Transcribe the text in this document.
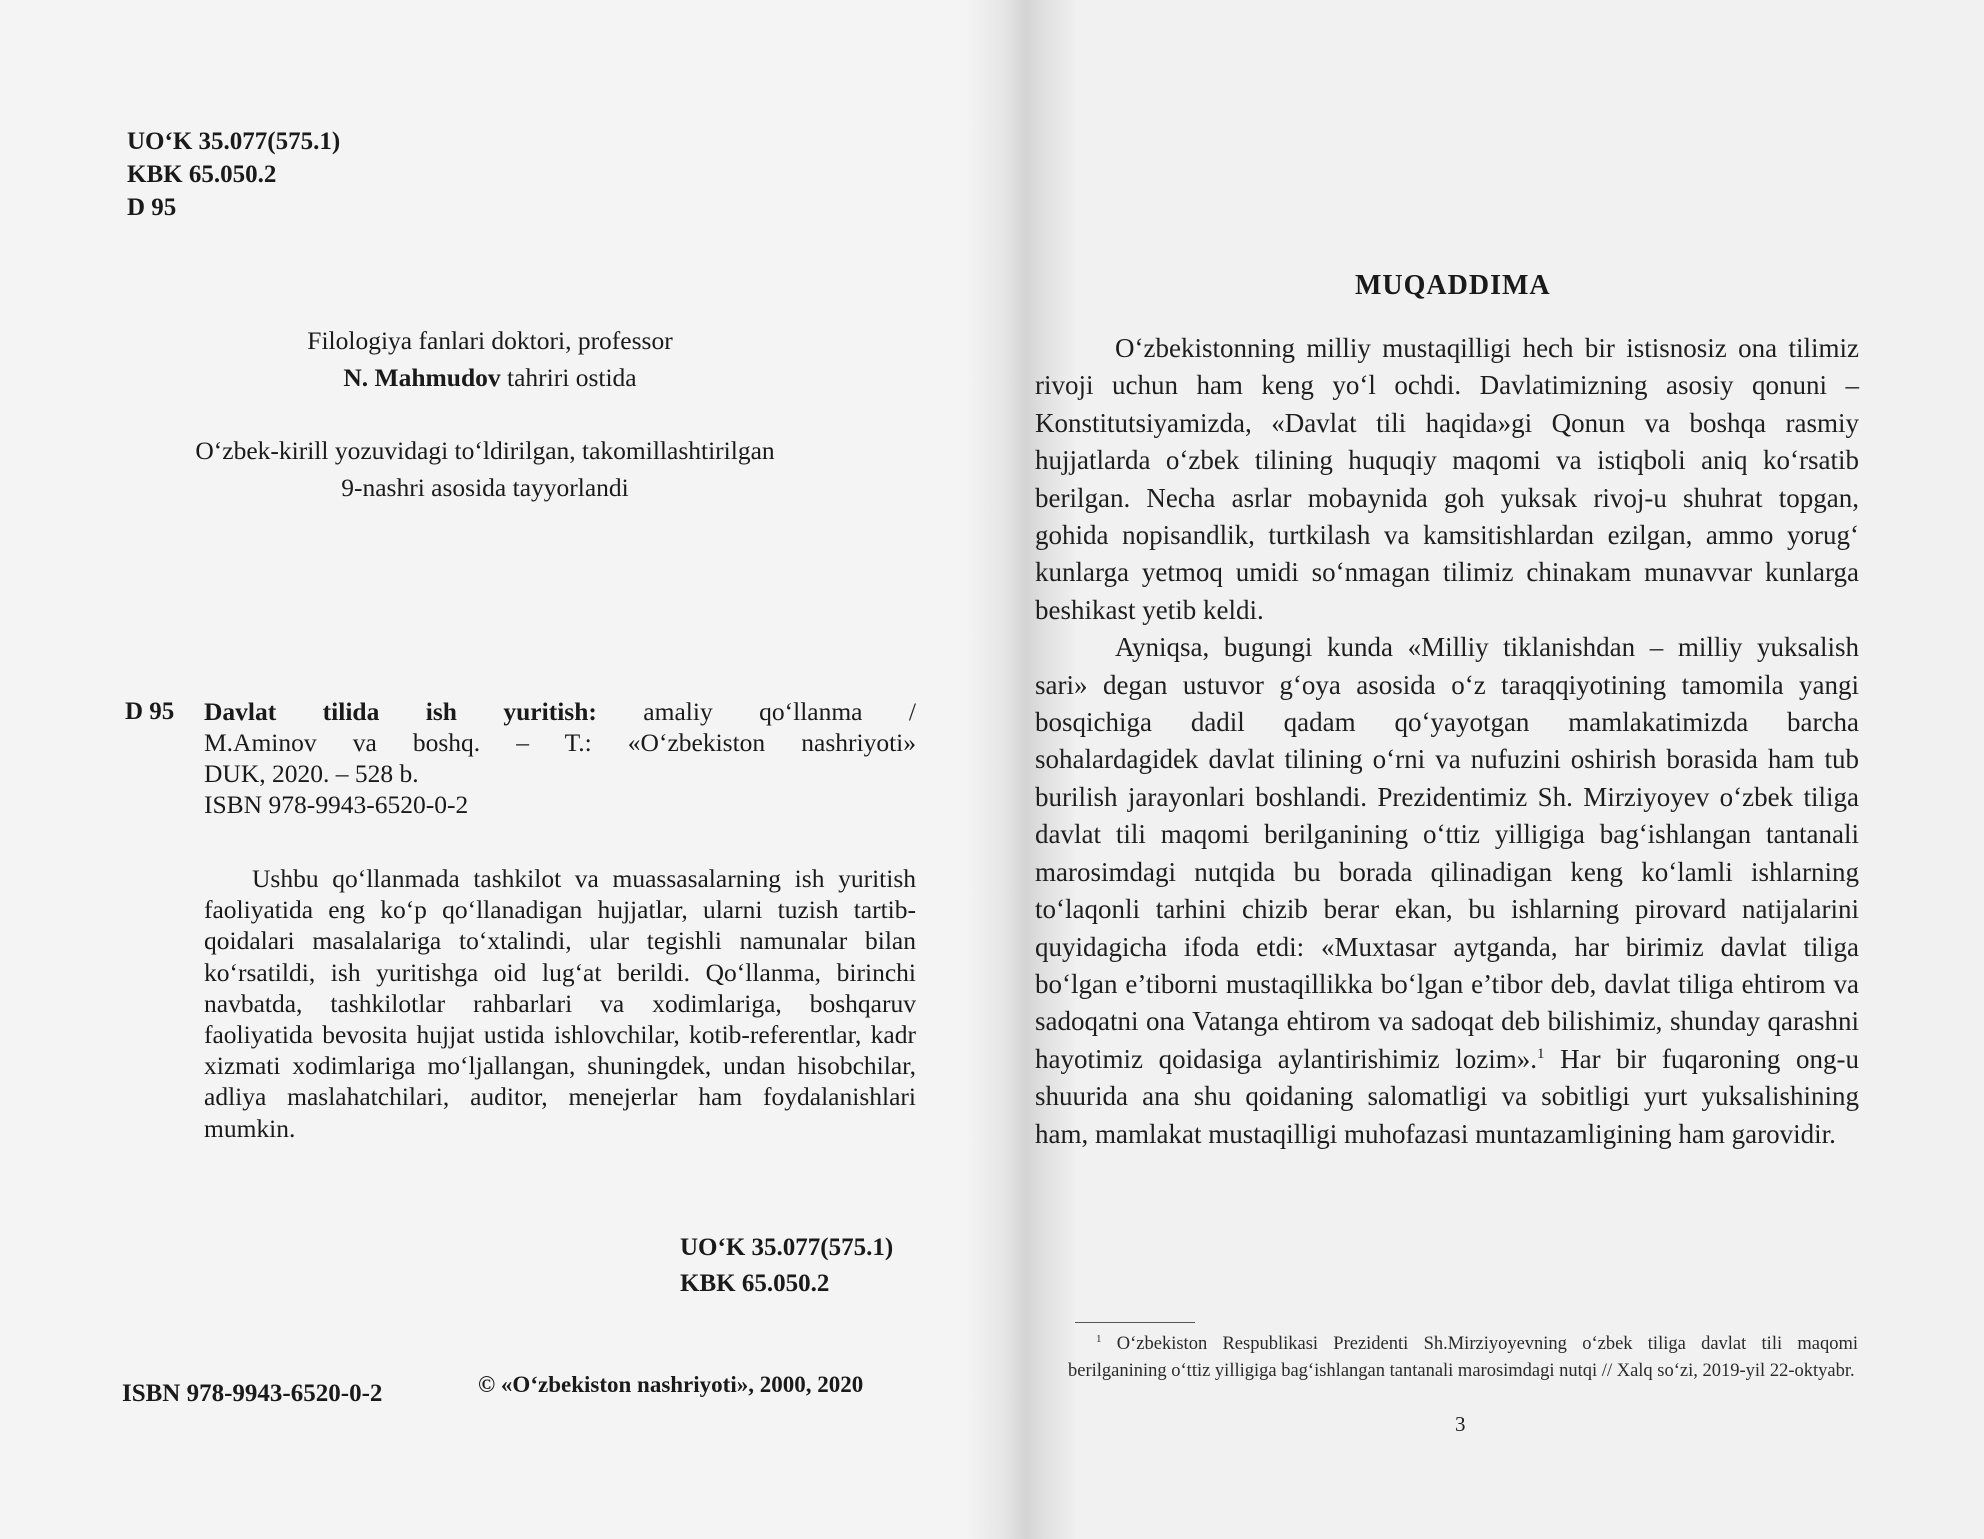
UO‘K 35.077(575.1)
KBK 65.050.2
D 95
Filologiya fanlari doktori, professor
N. Mahmudov tahriri ostida
O‘zbek-kirill yozuvidagi to‘ldirilgan, takomillashtirilgan
9-nashri asosida tayyorlandi
D 95 Davlat tilida ish yuritish: amaliy qo‘llanma /
M.Aminov va boshq. – T.: «O‘zbekiston nashriyoti»
DUK, 2020. – 528 b.
ISBN 978-9943-6520-0-2

Ushbu qo‘llanmada tashkilot va muassasalarning ish yuritish faoliyatida eng ko‘p qo‘llanadigan hujjatlar, ularni tuzish tartib-qoidalari masalalariga to‘xtalindi, ular tegishli namunalar bilan ko‘rsatildi, ish yuritishga oid lug‘at berildi. Qo‘llanma, birinchi navbatda, tashkilotlar rahbarlari va xodimlariga, boshqaruv faoliyatida bevosita hujjat ustida ishlovchilar, kotib-referentlar, kadr xizmati xodimlariga mo‘ljallangan, shuningdek, undan hisobchilar, adliya maslahatchilari, auditor, menejerlar ham foydalanishlari mumkin.

UO‘K 35.077(575.1)
KBK 65.050.2
ISBN 978-9943-6520-0-2	© «O‘zbekiston nashriyoti», 2000, 2020
MUQADDIMA

O‘zbekistonning milliy mustaqilligi hech bir istisnosiz ona tilimiz rivoji uchun ham keng yo‘l ochdi. Davlatimizning asosiy qonuni – Konstitutsiyamizda, «Davlat tili haqida»gi Qonun va boshqa rasmiy hujjatlarda o‘zbek tilining huquqiy maqomi va istiqboli aniq ko‘rsatib berilgan. Necha asrlar mobaynida goh yuksak rivoj-u shuhrat topgan, gohida nopisandlik, turtkilash va kamsitishlardan ezilgan, ammo yorug‘ kunlarga yetmoq umidi so‘nmagan tilimiz chinakam munavvar kunlarga beshikast yetib keldi.

Ayniqsa, bugungi kunda «Milliy tiklanishdan – milliy yuksalish sari» degan ustuvor g‘oya asosida o‘z taraqqiyotining tamomila yangi bosqichiga dadil qadam qo‘yayotgan mamlakatimizda barcha sohalardagidek davlat tilining o‘rni va nufuzini oshirish borasida ham tub burilish jarayonlari boshlandi. Prezidentimiz Sh. Mirziyoyev o‘zbek tiliga davlat tili maqomi berilganining o‘ttiz yilligiga bag‘ishlangan tantanali marosimdagi nutqida bu borada qilinadigan keng ko‘lamli ishlarning to‘laqonli tarhini chizib berar ekan, bu ishlarning pirovard natijalarini quyidagicha ifoda etdi: «Muxtasar aytganda, har birimiz davlat tiliga bo‘lgan e’tiborni mustaqillikka bo‘lgan e’tibor deb, davlat tiliga ehtirom va sadoqatni ona Vatanga ehtirom va sadoqat deb bilishimiz, shunday qarashni hayotimiz qoidasiga aylantirishimiz lozim».$^1$ Har bir fuqaroning ong-u shuurida ana shu qoidaning salomatligi va sobitligi yurt yuksalishining ham, mamlakat mustaqilligi muhofazasi muntazamligining ham garovidir.

$^1$ O‘zbekiston Respublikasi Prezidenti Sh.Mirziyoyevning o‘zbek tiliga davlat tili maqomi berilganining o‘ttiz yilligiga bag‘ishlangan tantanali marosimdagi nutqi // Xalq so‘zi, 2019-yil 22-oktyabr.

3
